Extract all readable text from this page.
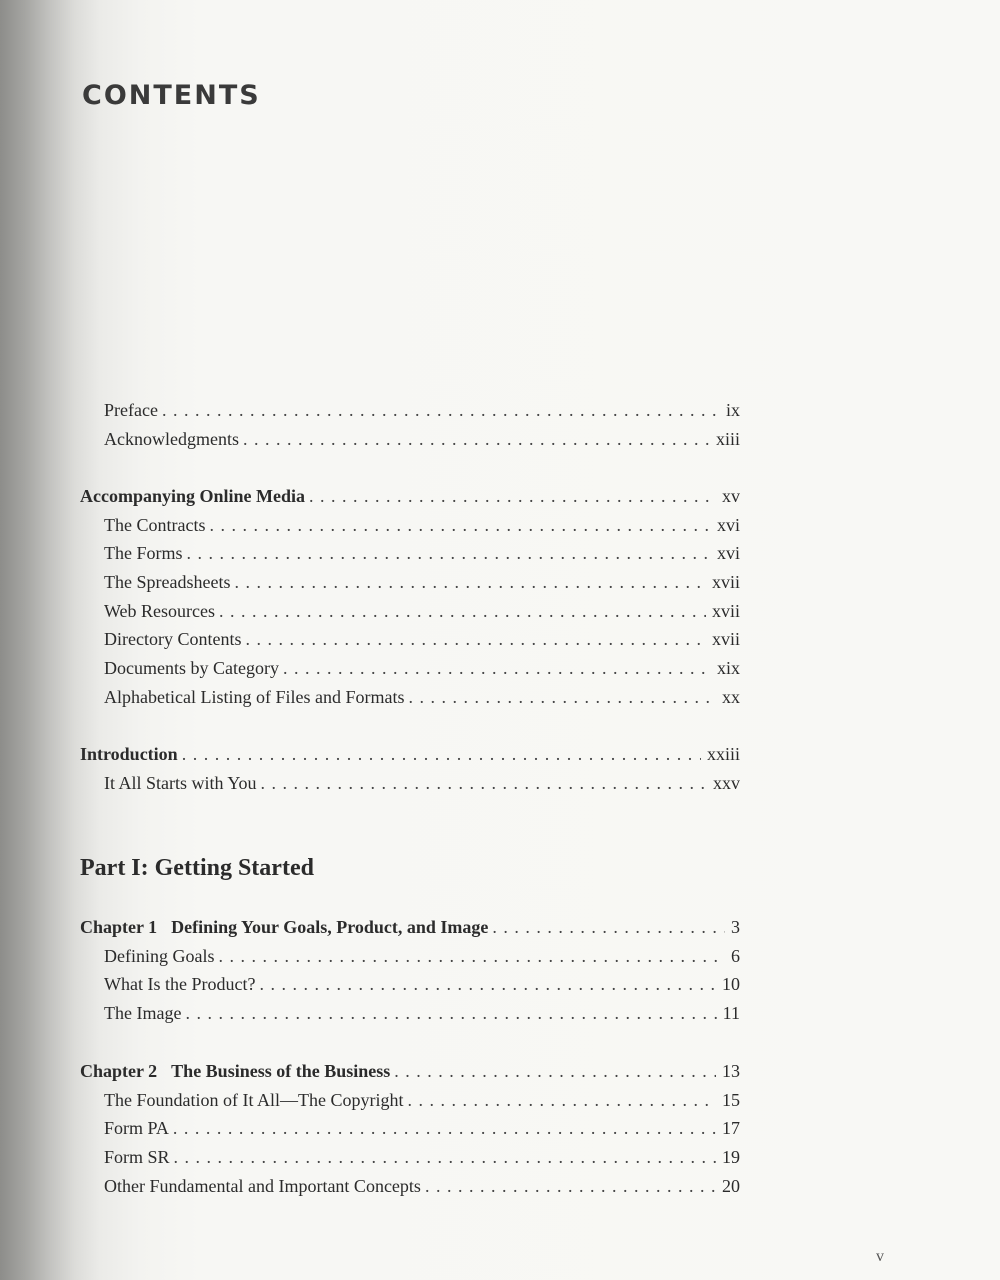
CONTENTS
Preface . . .	ix
Acknowledgments . . .	xiii
Accompanying Online Media . . .	xv
The Contracts . . .	xvi
The Forms . . .	xvi
The Spreadsheets . . .	xvii
Web Resources . . .	xvii
Directory Contents . . .	xvii
Documents by Category . . .	xix
Alphabetical Listing of Files and Formats . . .	xx
Introduction . . .	xxiii
It All Starts with You . . .	xxv
Part I: Getting Started
Chapter 1 Defining Your Goals, Product, and Image . . .	3
Defining Goals . . .	6
What Is the Product? . . .	10
The Image . . .	11
Chapter 2 The Business of the Business . . .	13
The Foundation of It All—The Copyright . . .	15
Form PA . . .	17
Form SR . . .	19
Other Fundamental and Important Concepts . . .	20
v
